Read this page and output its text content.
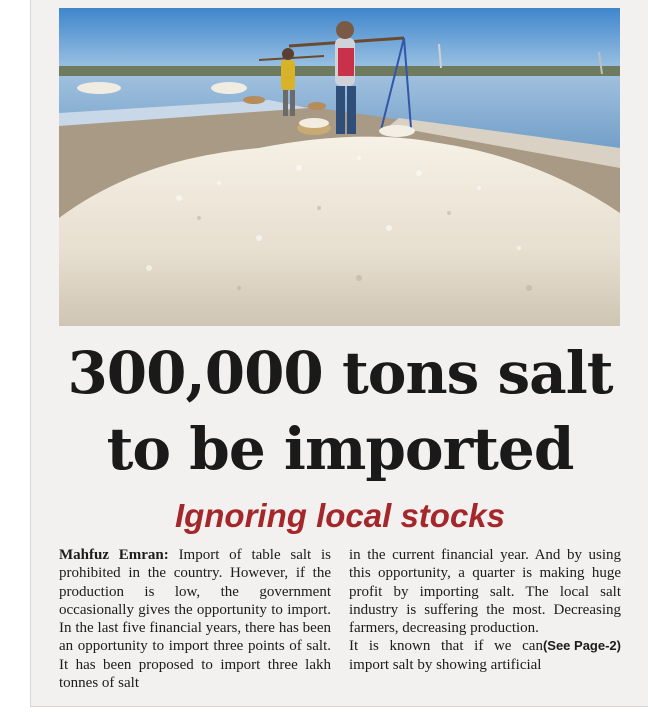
300,000 tons salt
to be imported
Ignoring local stocks

Mahfuz Emran: Import of table salt is prohibited in the country. However, if the production is low, the government occasionally gives the opportunity to import. In the last five financial years, there has been an opportunity to import three points of salt. It has been proposed to import three lakh tonnes of salt

in the current financial year. And by using this opportunity, a quarter is making huge profit by importing salt. The local salt industry is suffering the most. Decreasing farmers, decreasing production.

(See Page-2)
It is known that if we can import salt by showing artificial
